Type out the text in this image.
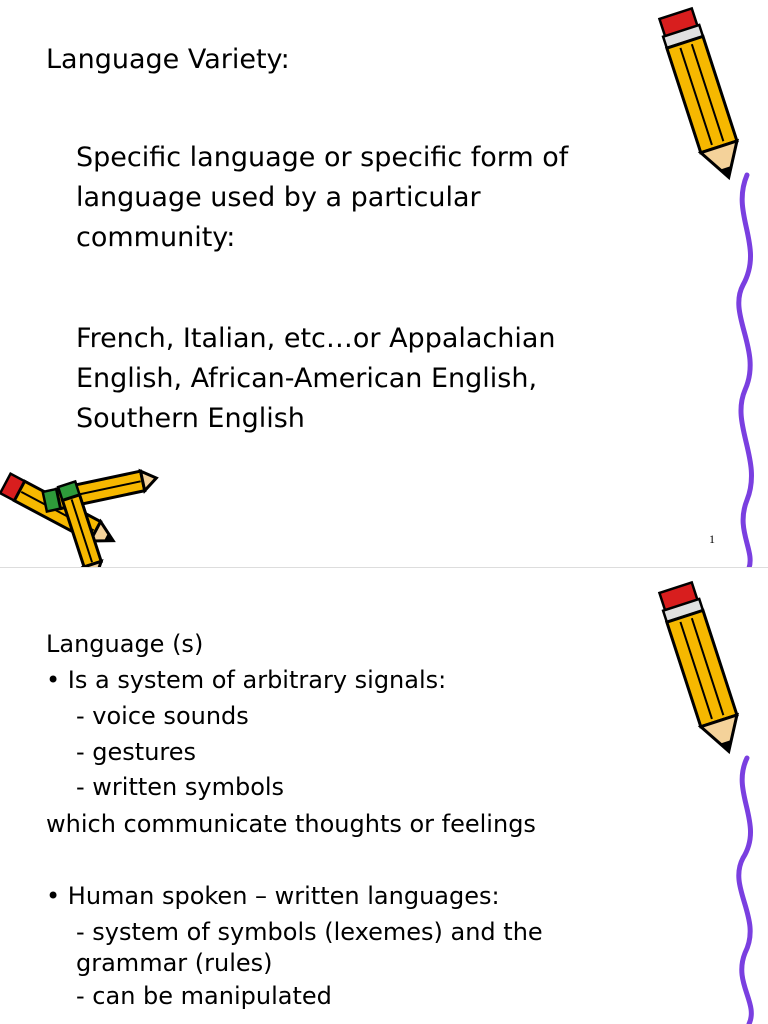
Language Variety:

Specific language or specific form of

language used by a particular

community:

French, Italian, etc…or Appalachian

English, African-American English,

Southern English

1

Language (s)

• Is a system of arbitrary signals:

- voice sounds

- gestures

- written symbols

which communicate thoughts or feelings

• Human spoken – written languages:

- system of symbols (lexemes) and the

grammar (rules)

- can be manipulated
